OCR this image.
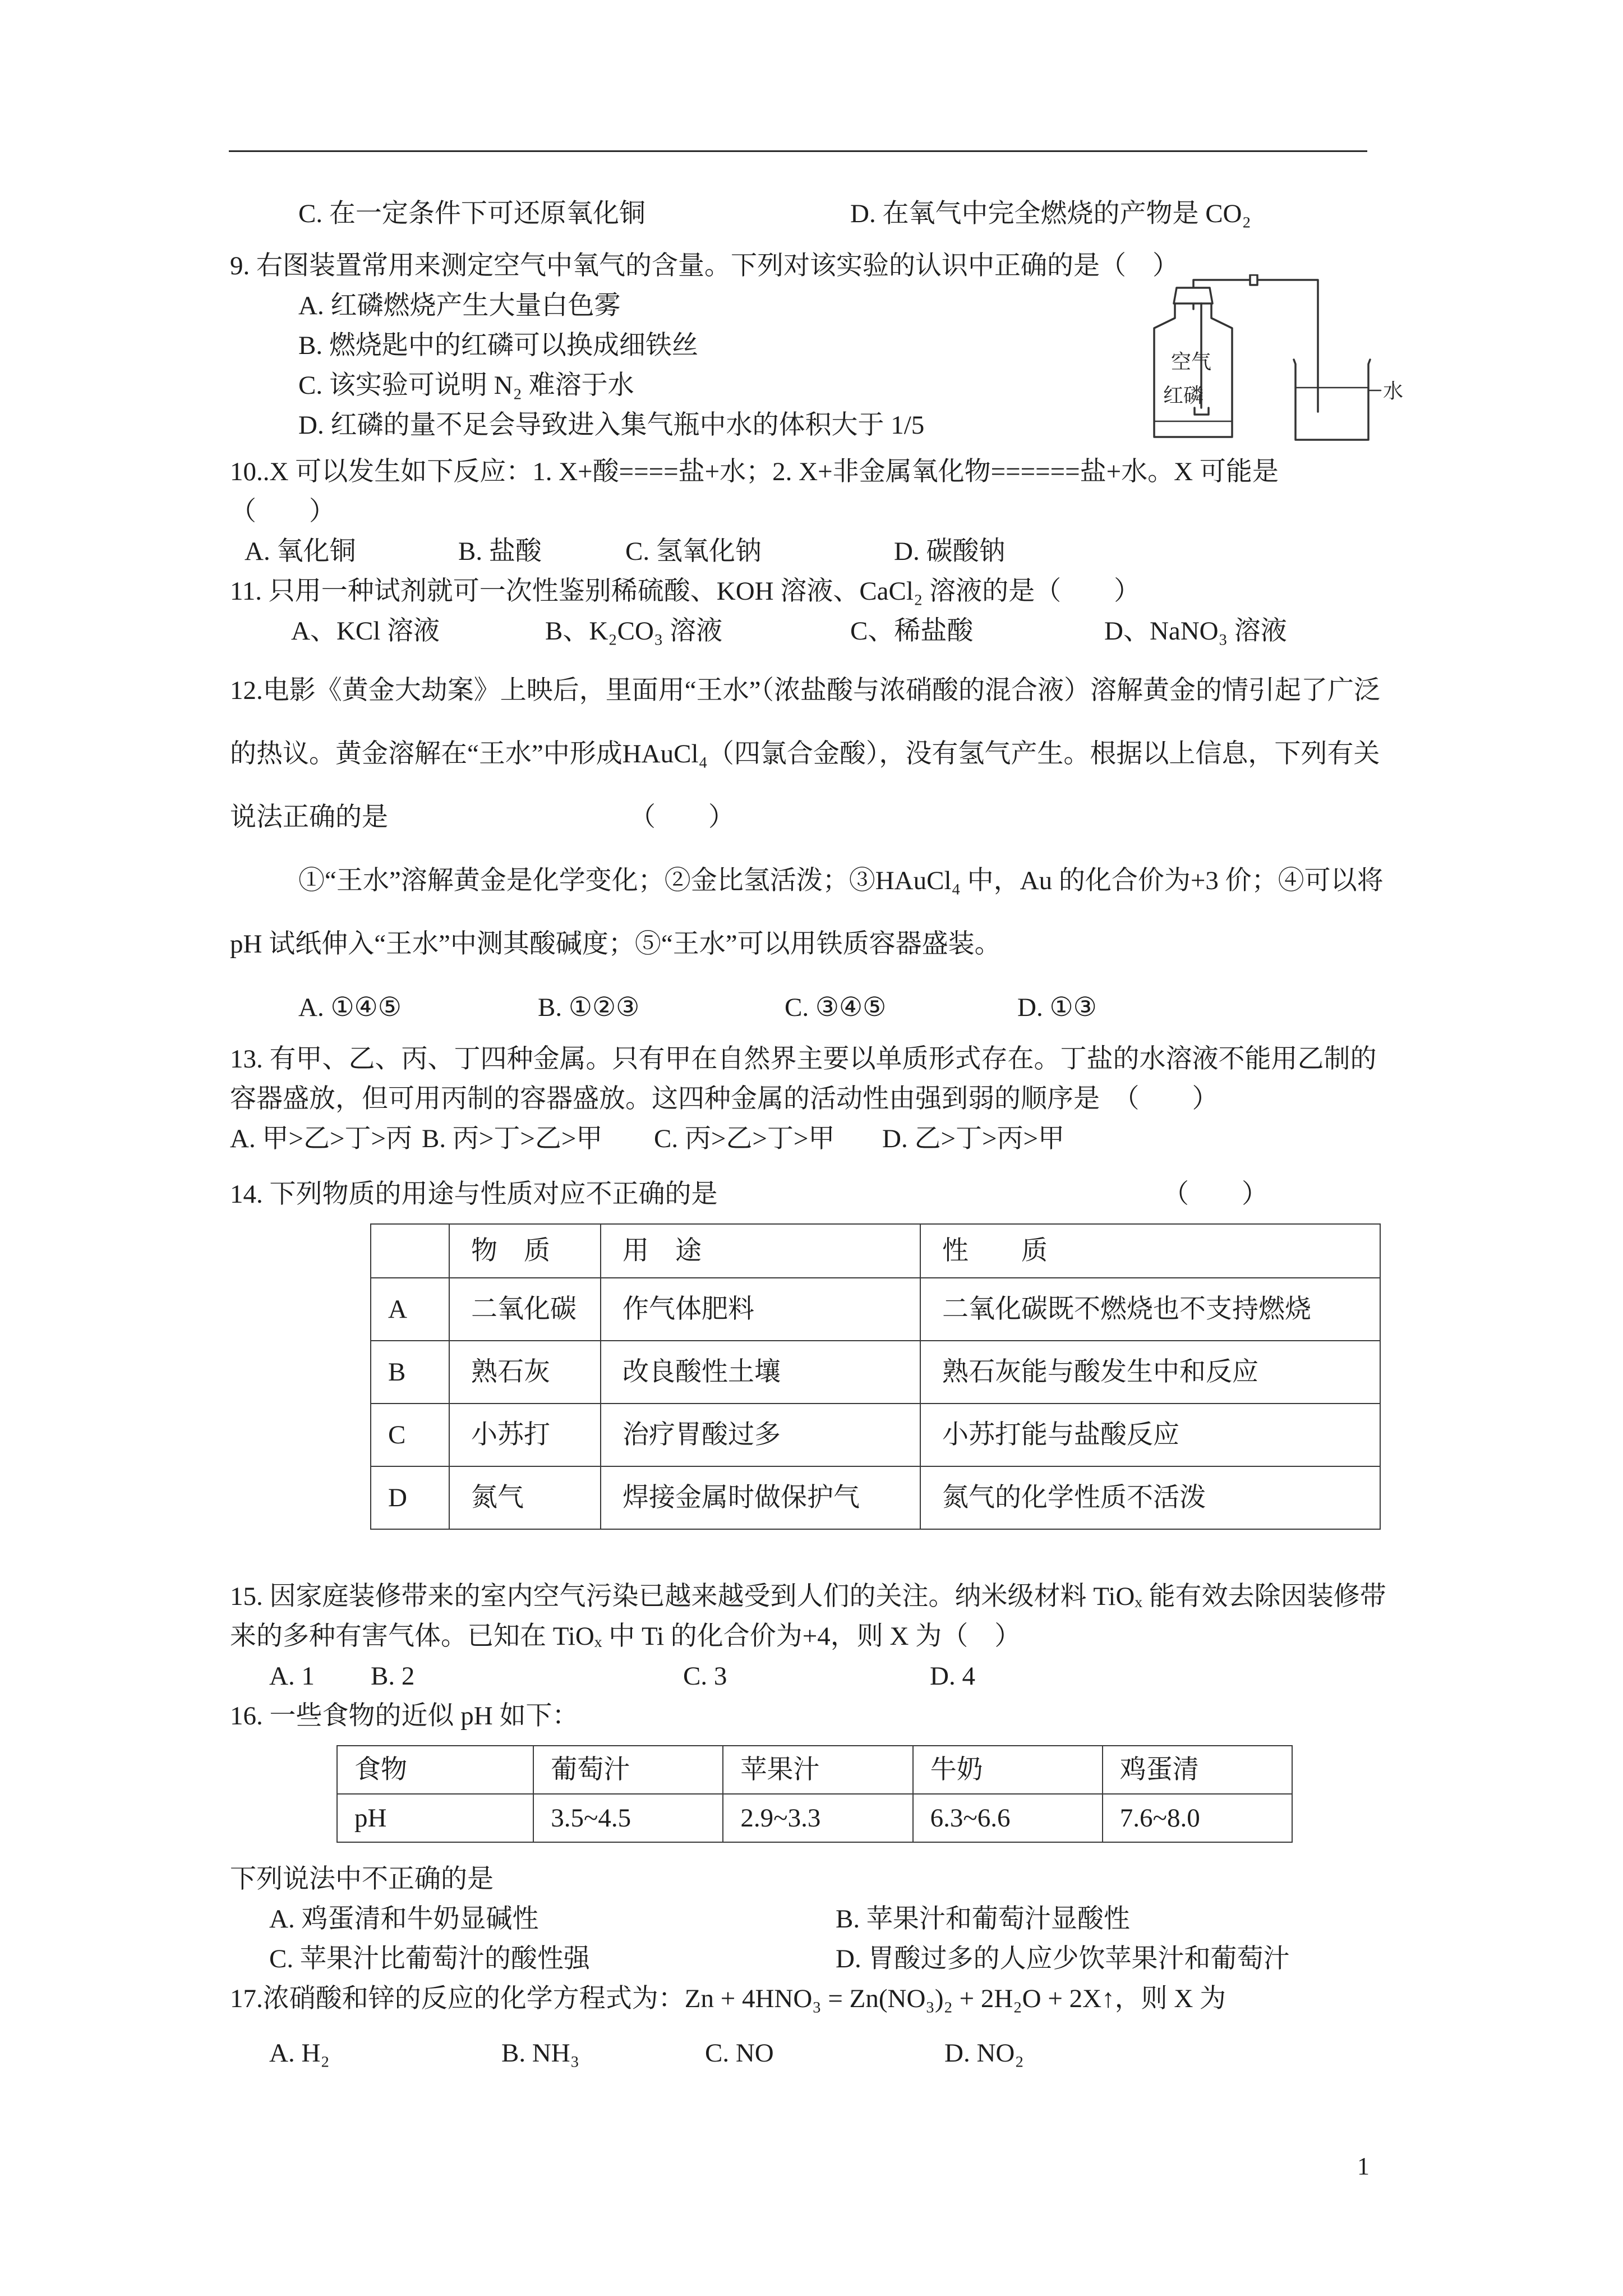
C. 在一定条件下可还原氧化铜	D. 在氧气中完全燃烧的产物是 CO₂
空气
红磷	水

9. 右图装置常用来测定空气中氧气的含量。下列对该实验的认识中正确的是（　）

A. 红磷燃烧产生大量白色雾

B. 燃烧匙中的红磷可以换成细铁丝

C. 该实验可说明 N₂ 难溶于水

D. 红磷的量不足会导致进入集气瓶中水的体积大于 1/5

10..X 可以发生如下反应：1. X+酸====盐+水；2. X+非金属氧化物======盐+水。X 可能是

（　　）

A. 氧化铜	B. 盐酸	C. 氢氧化钠	D. 碳酸钠

11. 只用一种试剂就可一次性鉴别稀硫酸、KOH 溶液、CaCl₂ 溶液的是（　　）

A、KCl 溶液	B、K₂CO₃ 溶液	C、稀盐酸	D、NaNO₃ 溶液

12.电影《黄金大劫案》上映后，里面用“王水”（浓盐酸与浓硝酸的混合液）溶解黄金的情引起了广泛的热议。黄金溶解在“王水”中形成HAuCl₄（四氯合金酸），没有氢气产生。根据以上信息，下列有关说法正确的是	（　　）

①“王水”溶解黄金是化学变化；②金比氢活泼；③HAuCl₄ 中，Au 的化合价为+3 价；④可以将 pH 试纸伸入“王水”中测其酸碱度；⑤“王水”可以用铁质容器盛装。

A. ①④⑤	B. ①②③	C. ③④⑤	D. ①③

13. 有甲、乙、丙、丁四种金属。只有甲在自然界主要以单质形式存在。丁盐的水溶液不能用乙制的容器盛放，但可用丙制的容器盛放。这四种金属的活动性由强到弱的顺序是　（　　）

A. 甲>乙>丁>丙 B. 丙>丁>乙>甲	C. 丙>乙>丁>甲	D. 乙>丁>丙>甲

14. 下列物质的用途与性质对应不正确的是	（　　）

	物　质	用　途	性　　质
A	二氧化碳	作气体肥料	二氧化碳既不燃烧也不支持燃烧
B	熟石灰	改良酸性土壤	熟石灰能与酸发生中和反应
C	小苏打	治疗胃酸过多	小苏打能与盐酸反应
D	氮气	焊接金属时做保护气	氮气的化学性质不活泼

15. 因家庭装修带来的室内空气污染已越来越受到人们的关注。纳米级材料 TiOₓ 能有效去除因装修带来的多种有害气体。已知在 TiOₓ 中 Ti 的化合价为+4，则 X 为（　）

A. 1	B. 2	C. 3	D. 4

16. 一些食物的近似 pH 如下：

食物	葡萄汁	苹果汁	牛奶	鸡蛋清
pH	3.5~4.5	2.9~3.3	6.3~6.6	7.6~8.0

下列说法中不正确的是

A. 鸡蛋清和牛奶显碱性	B. 苹果汁和葡萄汁显酸性
C. 苹果汁比葡萄汁的酸性强	D. 胃酸过多的人应少饮苹果汁和葡萄汁

17.浓硝酸和锌的反应的化学方程式为：Zn + 4HNO₃ = Zn(NO₃)₂ + 2H₂O + 2X↑，则 X 为

A. H₂	B. NH₃	C. NO	D. NO₂
1
